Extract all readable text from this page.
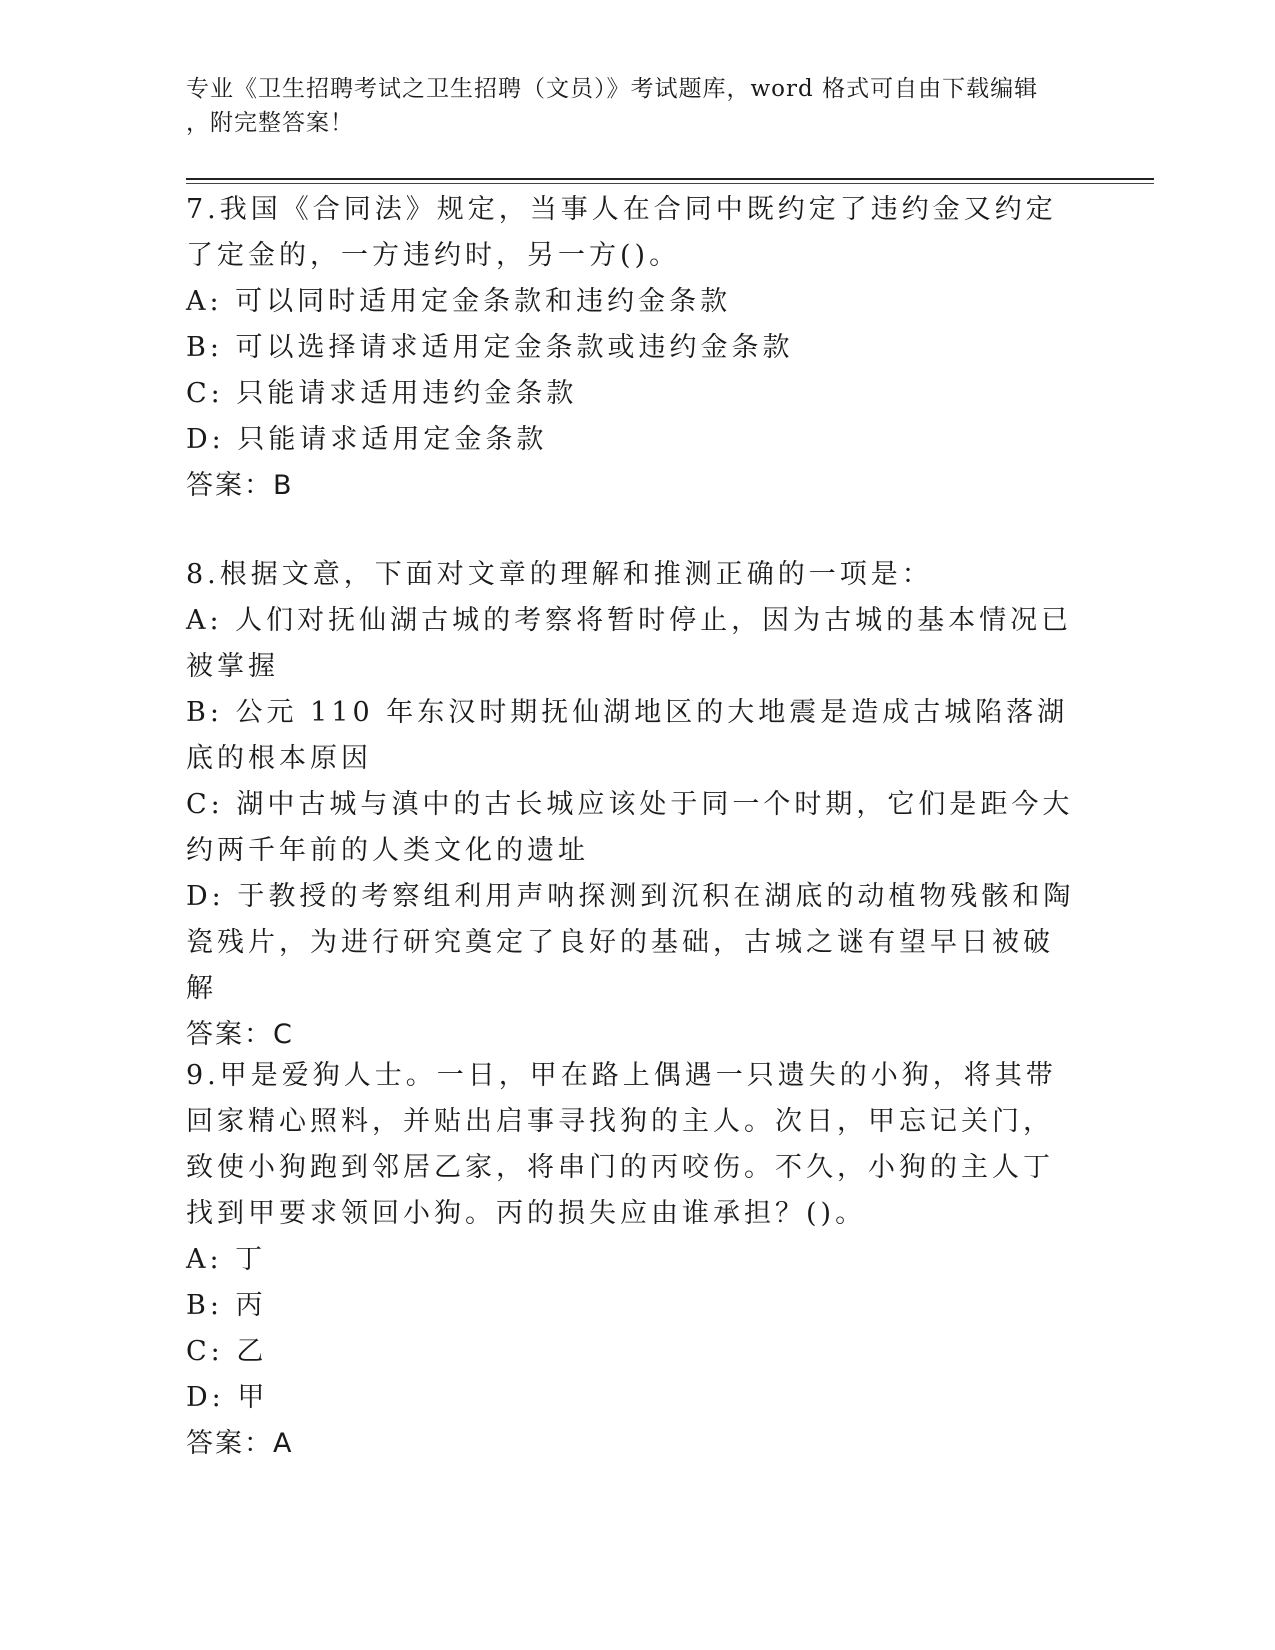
专业《卫生招聘考试之卫生招聘（文员）》考试题库，word 格式可自由下载编辑
，附完整答案！

7.我国《合同法》规定，当事人在合同中既约定了违约金又约定了定金的，一方违约时，另一方()。

A: 可以同时适用定金条款和违约金条款

B: 可以选择请求适用定金条款或违约金条款

C: 只能请求适用违约金条款

D: 只能请求适用定金条款

答案：B

8.根据文意，下面对文章的理解和推测正确的一项是：

A: 人们对抚仙湖古城的考察将暂时停止，因为古城的基本情况已被掌握

B: 公元 110 年东汉时期抚仙湖地区的大地震是造成古城陷落湖底的根本原因

C: 湖中古城与滇中的古长城应该处于同一个时期，它们是距今大约两千年前的人类文化的遗址

D: 于教授的考察组利用声呐探测到沉积在湖底的动植物残骸和陶瓷残片，为进行研究奠定了良好的基础，古城之谜有望早日被破解

答案：C

9.甲是爱狗人士。一日，甲在路上偶遇一只遗失的小狗，将其带回家精心照料，并贴出启事寻找狗的主人。次日，甲忘记关门，致使小狗跑到邻居乙家，将串门的丙咬伤。不久，小狗的主人丁找到甲要求领回小狗。丙的损失应由谁承担？()。

A: 丁

B: 丙

C: 乙

D: 甲

答案：A
